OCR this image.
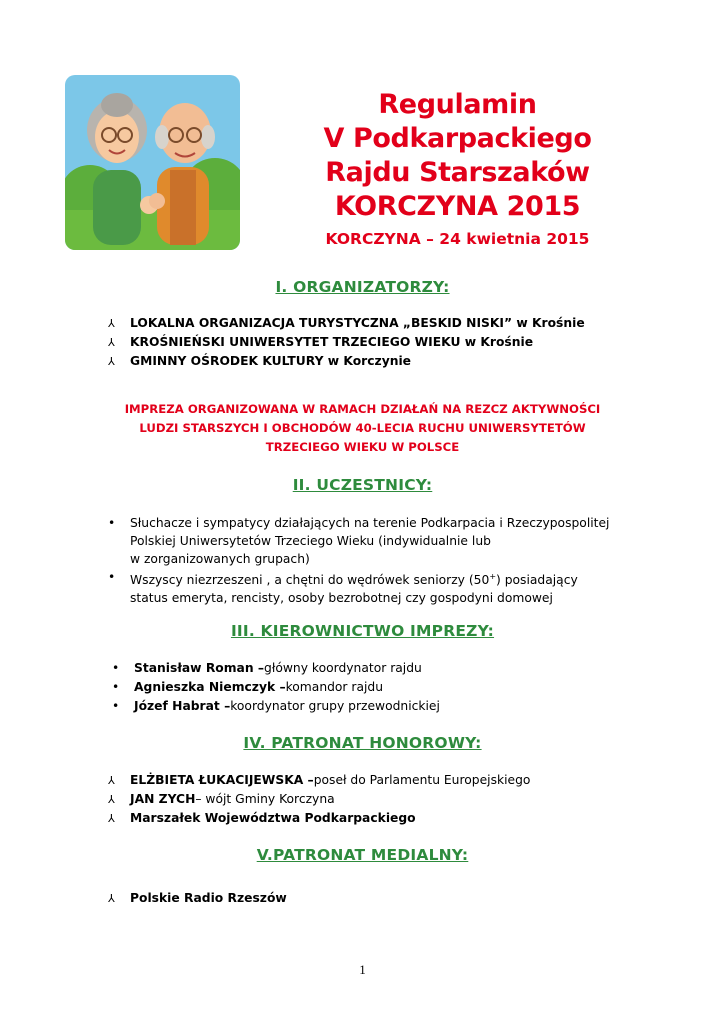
Regulamin
V Podkarpackiego
Rajdu Starszaków
KORCZYNA 2015
KORCZYNA – 24 kwietnia 2015
I. ORGANIZATORZY:
⅄	LOKALNA ORGANIZACJA TURYSTYCZNA „BESKID NISKI” w Krośnie
⅄	KROŚNIEŃSKI UNIWERSYTET TRZECIEGO WIEKU w Krośnie
⅄	GMINNY OŚRODEK KULTURY w Korczynie
IMPREZA ORGANIZOWANA W RAMACH DZIAŁAŃ NA REZCZ AKTYWNOŚCI
LUDZI STARSZYCH I OBCHODÓW 40-LECIA RUCHU UNIWERSYTETÓW
TRZECIEGO WIEKU W POLSCE
II. UCZESTNICY:
•	Słuchacze i sympatycy działających na terenie Podkarpacia i Rzeczypospolitej
Polskiej Uniwersytetów Trzeciego Wieku (indywidualnie lub
w zorganizowanych grupach)
•	Wszyscy niezrzeszeni , a chętni do wędrówek seniorzy (50+) posiadający
status emeryta, rencisty, osoby bezrobotnej czy gospodyni domowej
III. KIEROWNICTWO IMPREZY:
•	Stanisław Roman – główny koordynator rajdu
•	Agnieszka Niemczyk – komandor rajdu
•	Józef Habrat – koordynator grupy przewodnickiej
IV. PATRONAT HONOROWY:
⅄	ELŻBIETA ŁUKACIJEWSKA – poseł do Parlamentu Europejskiego
⅄	JAN ZYCH – wójt Gminy Korczyna
⅄	Marszałek Województwa Podkarpackiego
V.PATRONAT MEDIALNY:
⅄	Polskie Radio Rzeszów
1
